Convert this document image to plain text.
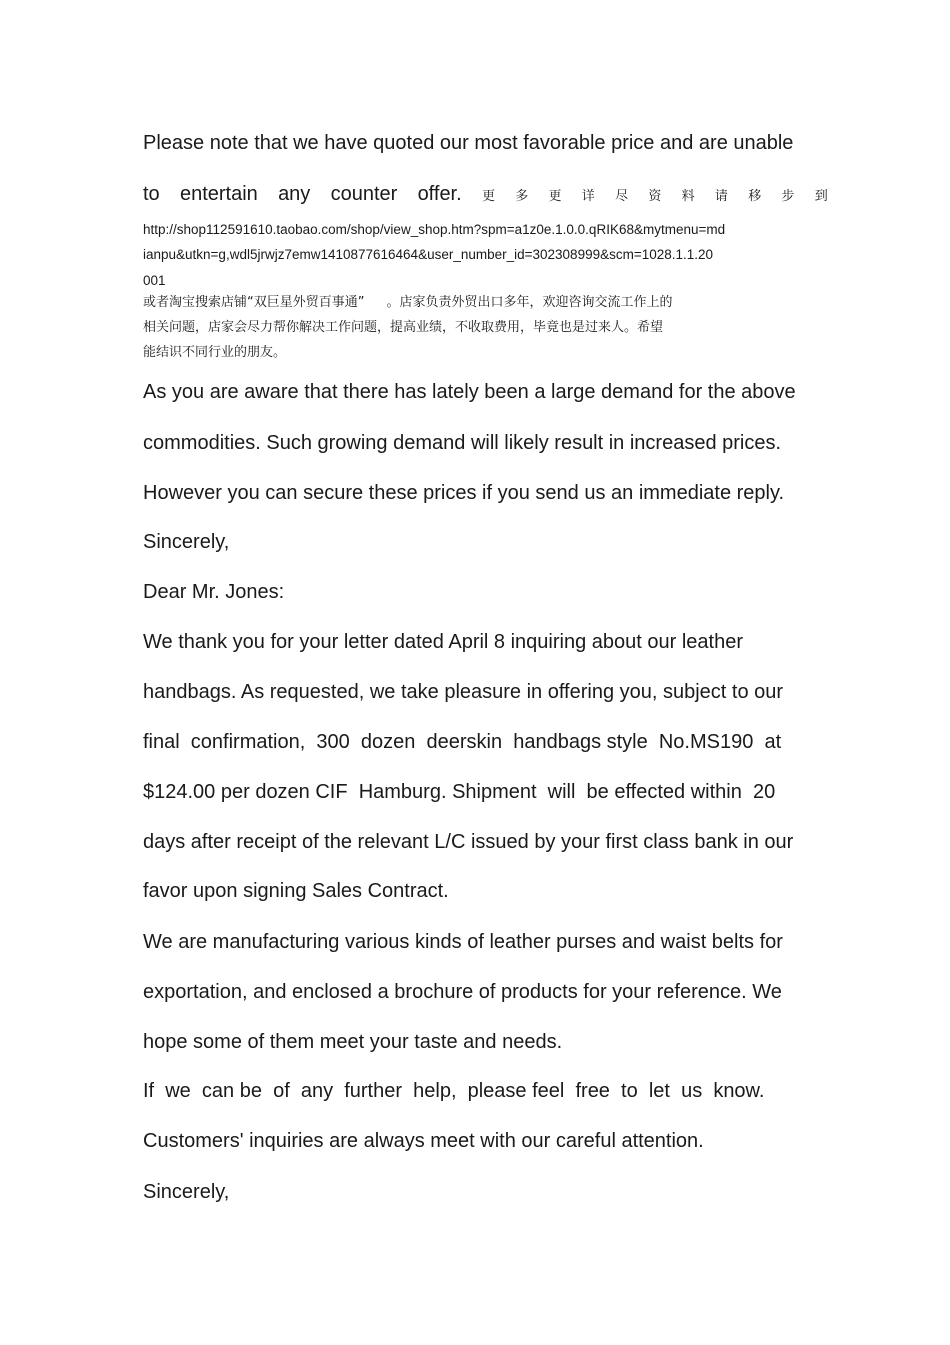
Please note that we have quoted our most favorable price and are unable
to entertain any counter offer. 更 多 更 详 尽 资 料 请 移 步 到
http://shop112591610.taobao.com/shop/view_shop.htm?spm=a1z0e.1.0.0.qRIK68&mytmenu=md
ianpu&utkn=g,wdl5jrwjz7emw1410877616464&user_number_id=302308999&scm=1028.1.1.20
001
或者淘宝搜索店铺“双巨星外贸百事通” 。店家负责外贸出口多年，欢迎咨询交流工作上的
相关问题，店家会尽力帮你解决工作问题，提高业绩，不收取费用，毕竟也是过来人。希望
能结识不同行业的朋友。
As you are aware that there has lately been a large demand for the above
commodities. Such growing demand will likely result in increased prices.
However you can secure these prices if you send us an immediate reply.
Sincerely,
Dear Mr. Jones:
We thank you for your letter dated April 8 inquiring about our leather
handbags. As requested, we take pleasure in offering you, subject to our
final  confirmation,  300  dozen  deerskin  handbags style  No.MS190  at
$124.00 per dozen CIF  Hamburg. Shipment  will  be effected within  20
days after receipt of the relevant L/C issued by your first class bank in our
favor upon signing Sales Contract.
We are manufacturing various kinds of leather purses and waist belts for
exportation, and enclosed a brochure of products for your reference. We
hope some of them meet your taste and needs.
If  we  can be  of  any  further  help,  please feel  free  to  let  us  know.
Customers' inquiries are always meet with our careful attention.
Sincerely,
